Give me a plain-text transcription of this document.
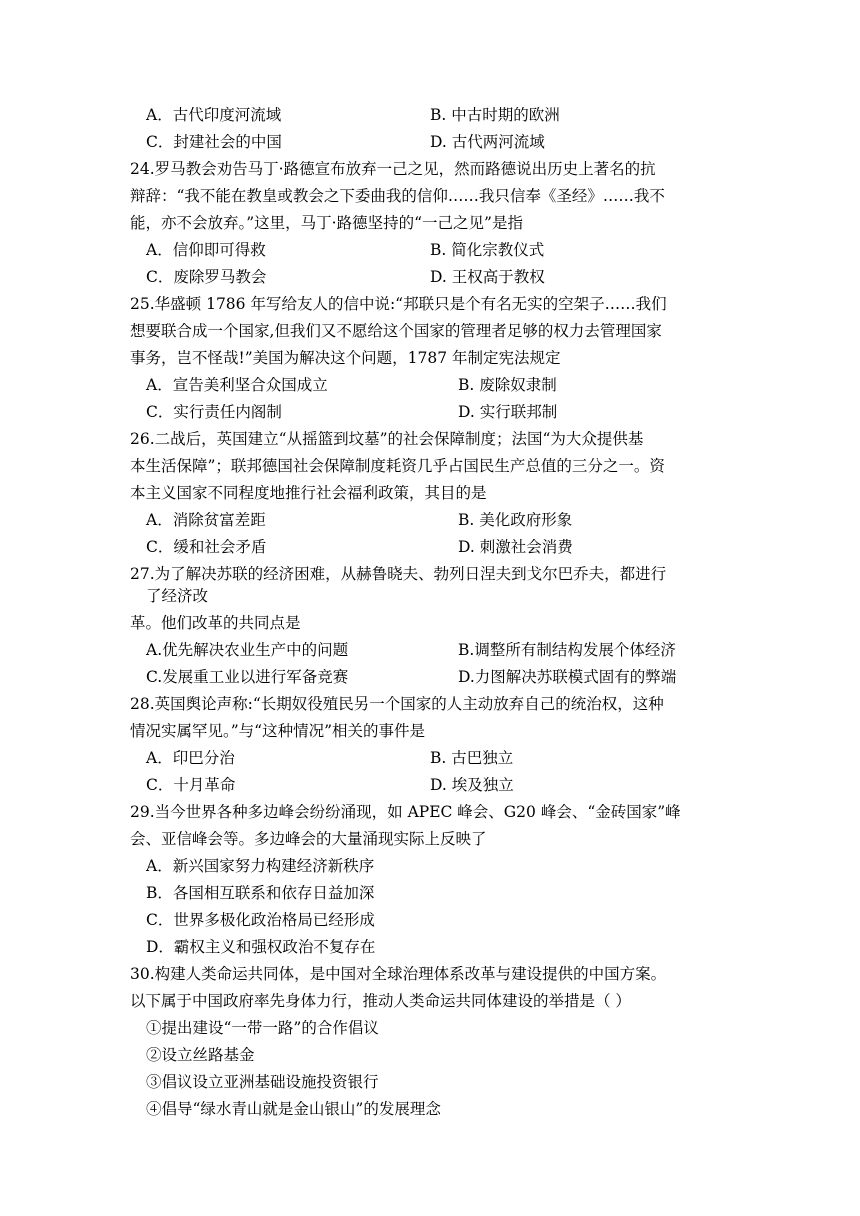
A．古代印度河流域	B. 中古时期的欧洲
C．封建社会的中国	D. 古代两河流域
24.罗马教会劝告马丁·路德宣布放弃一己之见，然而路德说出历史上著名的抗
辩辞：“我不能在教皇或教会之下委曲我的信仰……我只信奉《圣经》……我不
能，亦不会放弃。”这里，马丁·路德坚持的“一己之见”是指
A．信仰即可得救	B. 简化宗教仪式
C．废除罗马教会	D. 王权高于教权
25.华盛顿 1786 年写给友人的信中说:“邦联只是个有名无实的空架子……我们
想要联合成一个国家,但我们又不愿给这个国家的管理者足够的权力去管理国家
事务，岂不怪哉!”美国为解决这个问题，1787 年制定宪法规定
A．宣告美利坚合众国成立	B. 废除奴隶制
C．实行责任内阁制	D. 实行联邦制
26.二战后，英国建立“从摇篮到坟墓”的社会保障制度；法国“为大众提供基
本生活保障”；联邦德国社会保障制度耗资几乎占国民生产总值的三分之一。资
本主义国家不同程度地推行社会福利政策，其目的是
A．消除贫富差距	B. 美化政府形象
C．缓和社会矛盾	D. 刺激社会消费
27.为了解决苏联的经济困难，从赫鲁晓夫、勃列日涅夫到戈尔巴乔夫，都进行
了经济改
革。他们改革的共同点是
A.优先解决农业生产中的问题	B.调整所有制结构发展个体经济
C.发展重工业以进行军备竞赛	D.力图解决苏联模式固有的弊端
28.英国舆论声称:“长期奴役殖民另一个国家的人主动放弃自己的统治权，这种
情况实属罕见。”与“这种情况”相关的事件是
A．印巴分治	B. 古巴独立
C．十月革命	D. 埃及独立
29.当今世界各种多边峰会纷纷涌现，如 APEC 峰会、G20 峰会、“金砖国家”峰
会、亚信峰会等。多边峰会的大量涌现实际上反映了
A．新兴国家努力构建经济新秩序
B．各国相互联系和依存日益加深
C．世界多极化政治格局已经形成
D．霸权主义和强权政治不复存在
30.构建人类命运共同体，是中国对全球治理体系改革与建设提供的中国方案。
以下属于中国政府率先身体力行，推动人类命运共同体建设的举措是（ ）
①提出建设“一带一路”的合作倡议
②设立丝路基金
③倡议设立亚洲基础设施投资银行
④倡导“绿水青山就是金山银山”的发展理念
